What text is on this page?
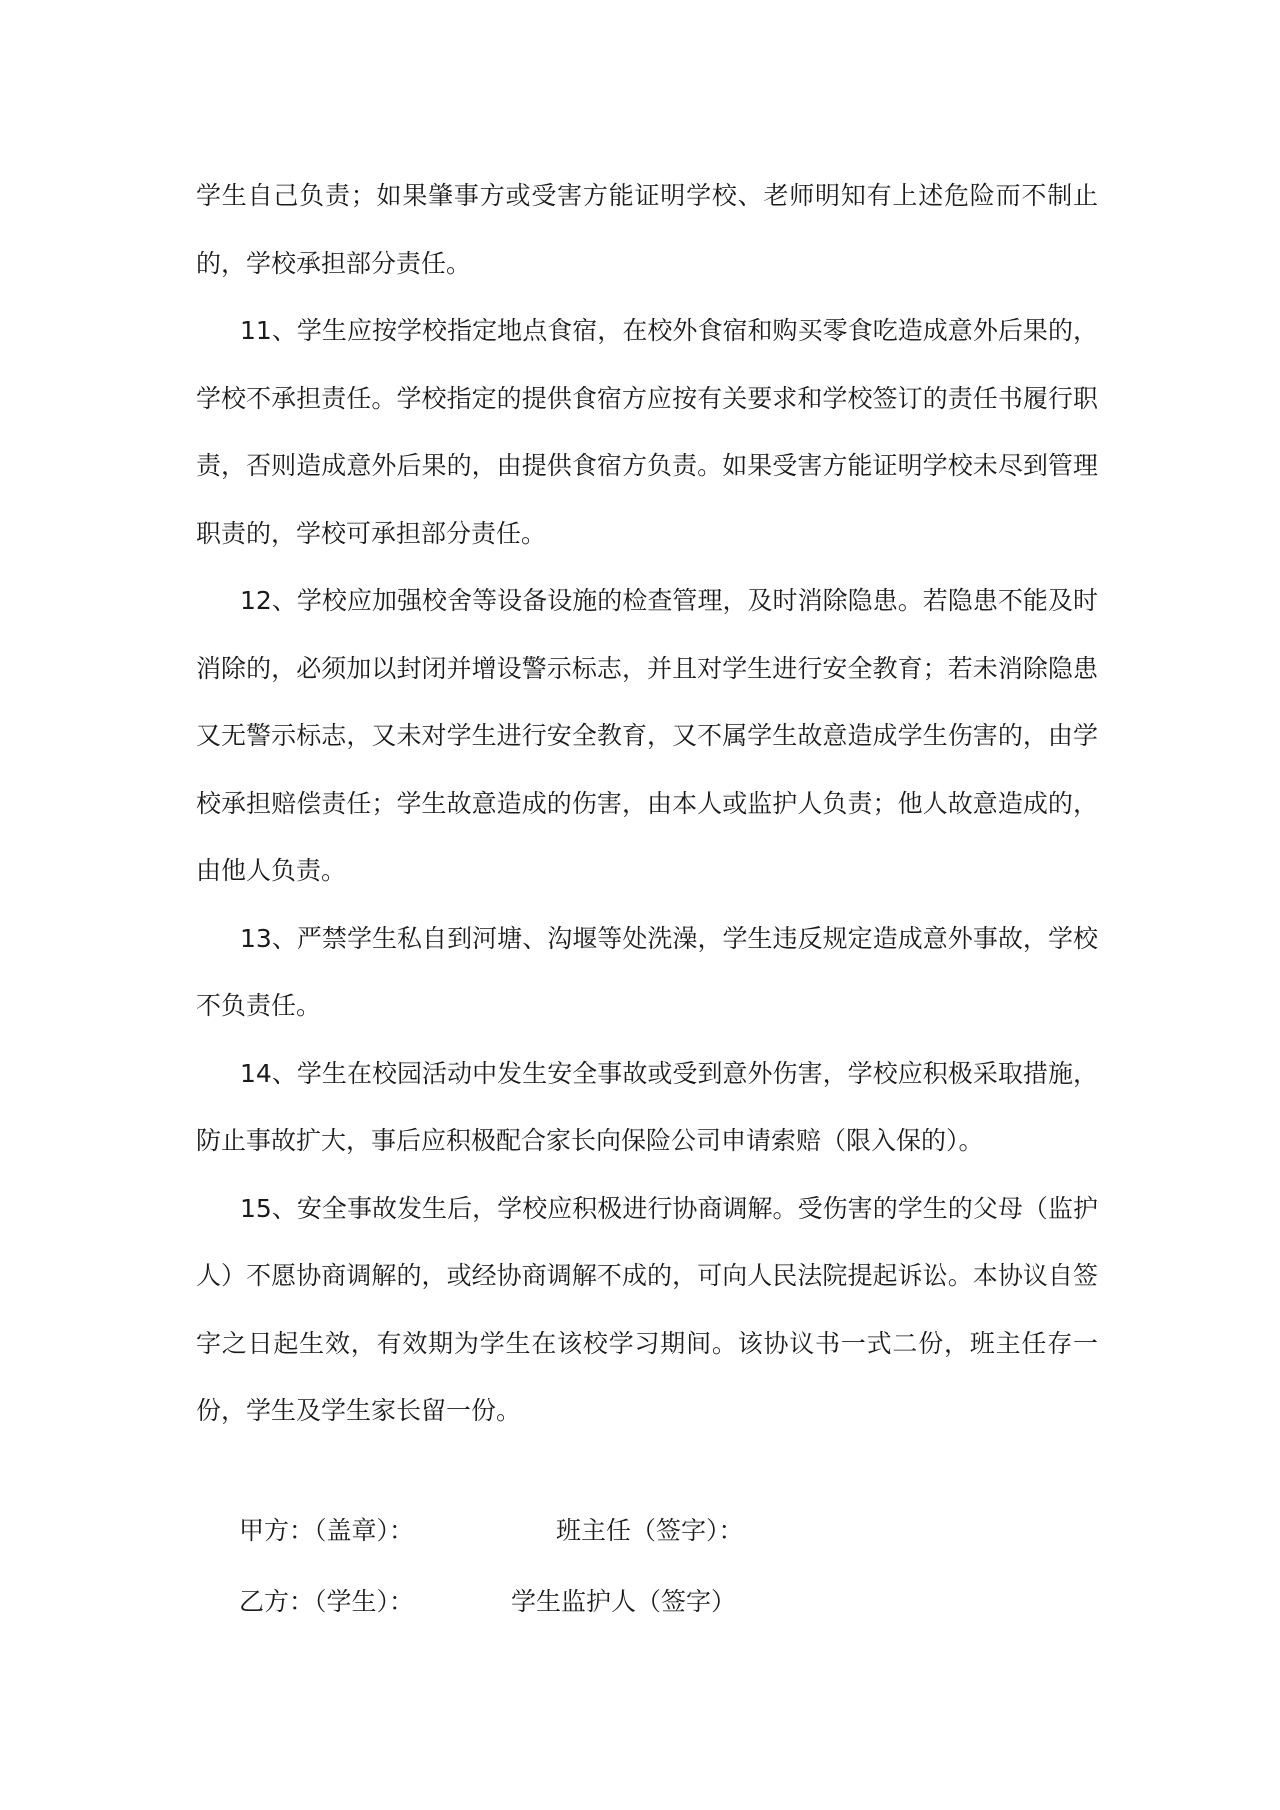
学生自己负责；如果肇事方或受害方能证明学校、老师明知有上述危险而不制止的，学校承担部分责任。

11、学生应按学校指定地点食宿，在校外食宿和购买零食吃造成意外后果的，学校不承担责任。学校指定的提供食宿方应按有关要求和学校签订的责任书履行职责，否则造成意外后果的，由提供食宿方负责。如果受害方能证明学校未尽到管理职责的，学校可承担部分责任。

12、学校应加强校舍等设备设施的检查管理，及时消除隐患。若隐患不能及时消除的，必须加以封闭并增设警示标志，并且对学生进行安全教育；若未消除隐患又无警示标志，又未对学生进行安全教育，又不属学生故意造成学生伤害的，由学校承担赔偿责任；学生故意造成的伤害，由本人或监护人负责；他人故意造成的，由他人负责。

13、严禁学生私自到河塘、沟堰等处洗澡，学生违反规定造成意外事故，学校不负责任。

14、学生在校园活动中发生安全事故或受到意外伤害，学校应积极采取措施，防止事故扩大，事后应积极配合家长向保险公司申请索赔（限入保的）。

15、安全事故发生后，学校应积极进行协商调解。受伤害的学生的父母（监护人）不愿协商调解的，或经协商调解不成的，可向人民法院提起诉讼。本协议自签字之日起生效，有效期为学生在该校学习期间。该协议书一式二份，班主任存一份，学生及学生家长留一份。

甲方：（盖章）：	班主任（签字）：
乙方：（学生）：	学生监护人（签字）
